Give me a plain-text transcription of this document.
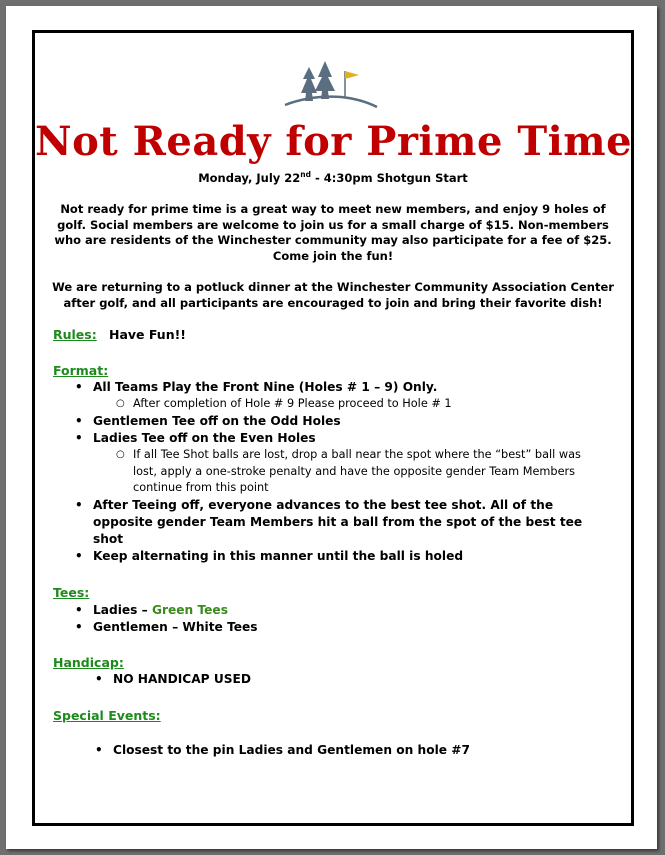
Not Ready for Prime Time
Monday, July 22nd - 4:30pm Shotgun Start
Not ready for prime time is a great way to meet new members, and enjoy 9 holes of golf. Social members are welcome to join us for a small charge of $15. Non-members who are residents of the Winchester community may also participate for a fee of $25. Come join the fun!
We are returning to a potluck dinner at the Winchester Community Association Center after golf, and all participants are encouraged to join and bring their favorite dish!
Rules: Have Fun!!
Format:
• All Teams Play the Front Nine (Holes # 1 – 9) Only.
○ After completion of Hole # 9 Please proceed to Hole # 1
• Gentlemen Tee off on the Odd Holes
• Ladies Tee off on the Even Holes
○ If all Tee Shot balls are lost, drop a ball near the spot where the “best” ball was lost, apply a one-stroke penalty and have the opposite gender Team Members continue from this point
• After Teeing off, everyone advances to the best tee shot. All of the opposite gender Team Members hit a ball from the spot of the best tee shot
• Keep alternating in this manner until the ball is holed
Tees:
• Ladies – Green Tees
• Gentlemen – White Tees
Handicap:
• NO HANDICAP USED
Special Events:
• Closest to the pin Ladies and Gentlemen on hole #7
